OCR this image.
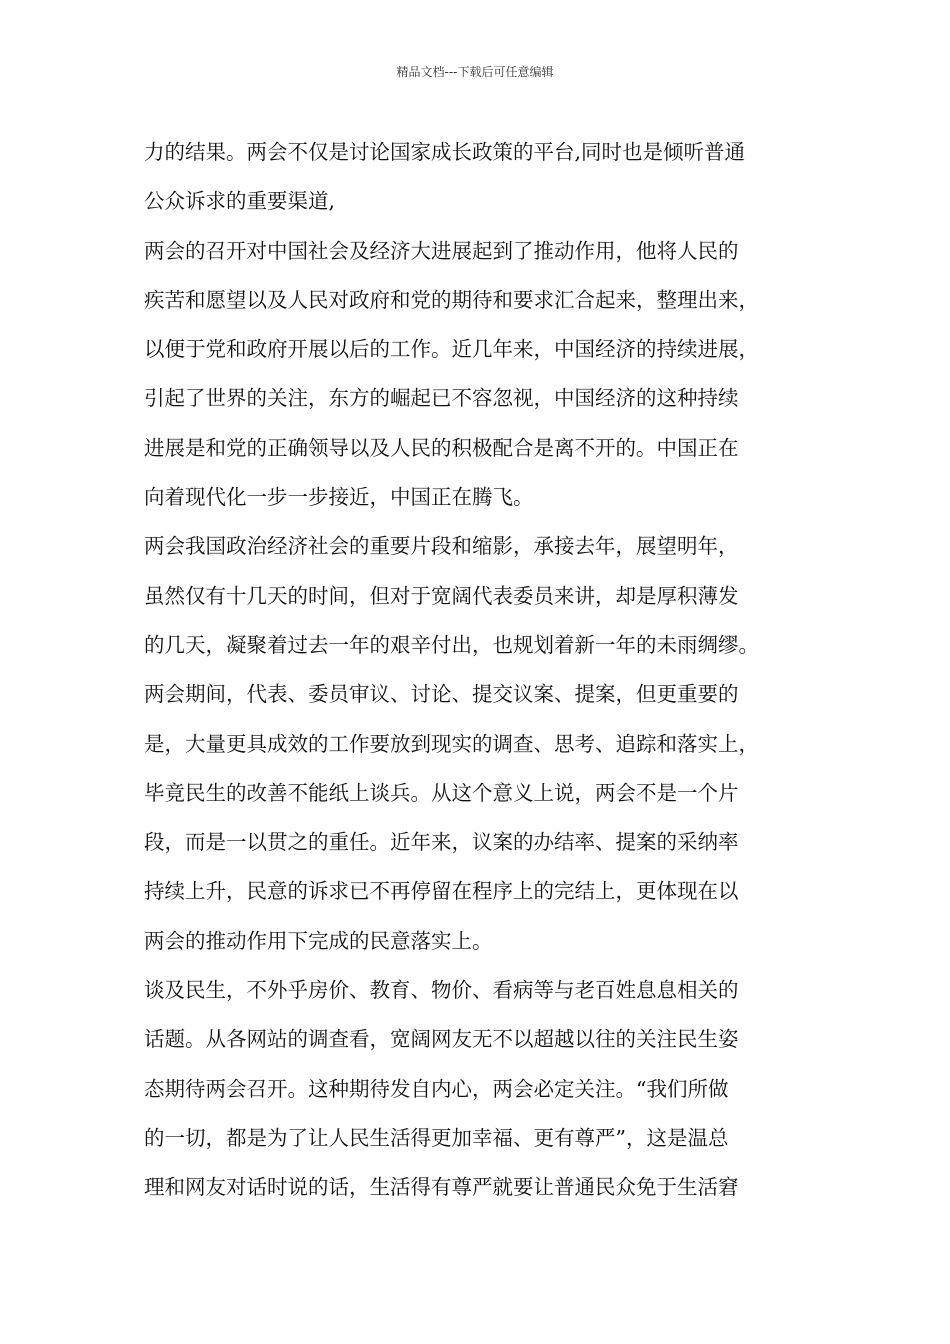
精品文档---下载后可任意编辑
力的结果。两会不仅是讨论国家成长政策的平台,同时也是倾听普通
公众诉求的重要渠道,
两会的召开对中国社会及经济大进展起到了推动作用，他将人民的
疾苦和愿望以及人民对政府和党的期待和要求汇合起来，整理出来，
以便于党和政府开展以后的工作。近几年来，中国经济的持续进展，
引起了世界的关注，东方的崛起已不容忽视，中国经济的这种持续
进展是和党的正确领导以及人民的积极配合是离不开的。中国正在
向着现代化一步一步接近，中国正在腾飞。
两会我国政治经济社会的重要片段和缩影，承接去年，展望明年，
虽然仅有十几天的时间，但对于宽阔代表委员来讲，却是厚积薄发
的几天，凝聚着过去一年的艰辛付出，也规划着新一年的未雨绸缪。
两会期间，代表、委员审议、讨论、提交议案、提案，但更重要的
是，大量更具成效的工作要放到现实的调查、思考、追踪和落实上，
毕竟民生的改善不能纸上谈兵。从这个意义上说，两会不是一个片
段，而是一以贯之的重任。近年来，议案的办结率、提案的采纳率
持续上升，民意的诉求已不再停留在程序上的完结上，更体现在以
两会的推动作用下完成的民意落实上。
谈及民生，不外乎房价、教育、物价、看病等与老百姓息息相关的
话题。从各网站的调查看，宽阔网友无不以超越以往的关注民生姿
态期待两会召开。这种期待发自内心，两会必定关注。“我们所做
的一切，都是为了让人民生活得更加幸福、更有尊严”，这是温总
理和网友对话时说的话，生活得有尊严就要让普通民众免于生活窘
